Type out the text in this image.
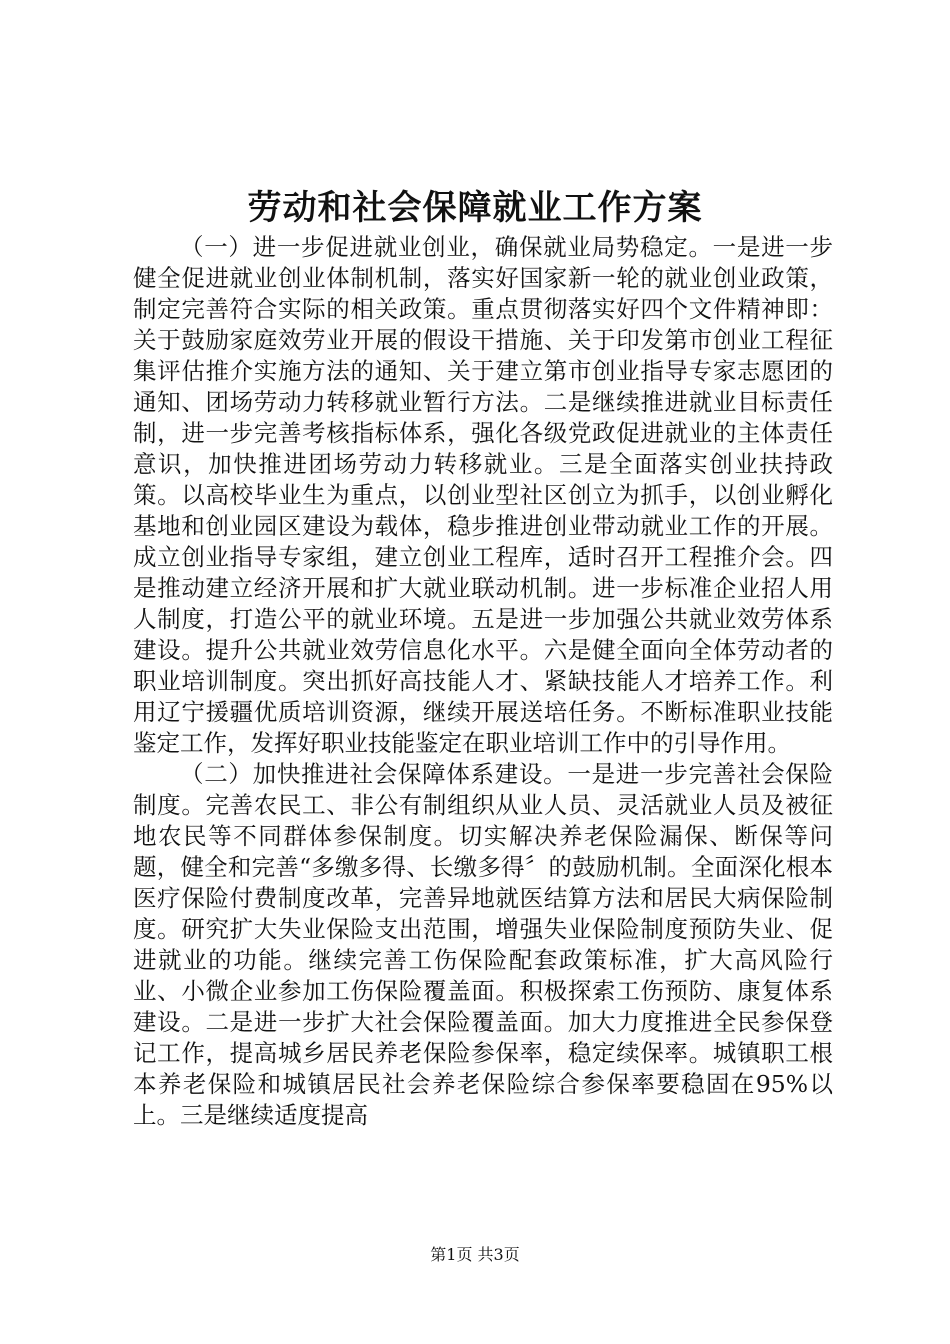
劳动和社会保障就业工作方案

（一）进一步促进就业创业，确保就业局势稳定。一是进一步健全促进就业创业体制机制，落实好国家新一轮的就业创业政策，制定完善符合实际的相关政策。重点贯彻落实好四个文件精神即：关于鼓励家庭效劳业开展的假设干措施、关于印发第市创业工程征集评估推介实施方法的通知、关于建立第市创业指导专家志愿团的通知、团场劳动力转移就业暂行方法。二是继续推进就业目标责任制，进一步完善考核指标体系，强化各级党政促进就业的主体责任意识，加快推进团场劳动力转移就业。三是全面落实创业扶持政策。以高校毕业生为重点，以创业型社区创立为抓手，以创业孵化基地和创业园区建设为载体，稳步推进创业带动就业工作的开展。成立创业指导专家组，建立创业工程库，适时召开工程推介会。四是推动建立经济开展和扩大就业联动机制。进一步标准企业招人用人制度，打造公平的就业环境。五是进一步加强公共就业效劳体系建设。提升公共就业效劳信息化水平。六是健全面向全体劳动者的职业培训制度。突出抓好高技能人才、紧缺技能人才培养工作。利用辽宁援疆优质培训资源，继续开展送培任务。不断标准职业技能鉴定工作，发挥好职业技能鉴定在职业培训工作中的引导作用。

（二）加快推进社会保障体系建设。一是进一步完善社会保险制度。完善农民工、非公有制组织从业人员、灵活就业人员及被征地农民等不同群体参保制度。切实解决养老保险漏保、断保等问题，健全和完善“多缴多得、长缴多得〞的鼓励机制。全面深化根本医疗保险付费制度改革，完善异地就医结算方法和居民大病保险制度。研究扩大失业保险支出范围，增强失业保险制度预防失业、促进就业的功能。继续完善工伤保险配套政策标准，扩大高风险行业、小微企业参加工伤保险覆盖面。积极探索工伤预防、康复体系建设。二是进一步扩大社会保险覆盖面。加大力度推进全民参保登记工作，提高城乡居民养老保险参保率，稳定续保率。城镇职工根本养老保险和城镇居民社会养老保险综合参保率要稳固在95%以上。三是继续适度提高

第1页 共3页
